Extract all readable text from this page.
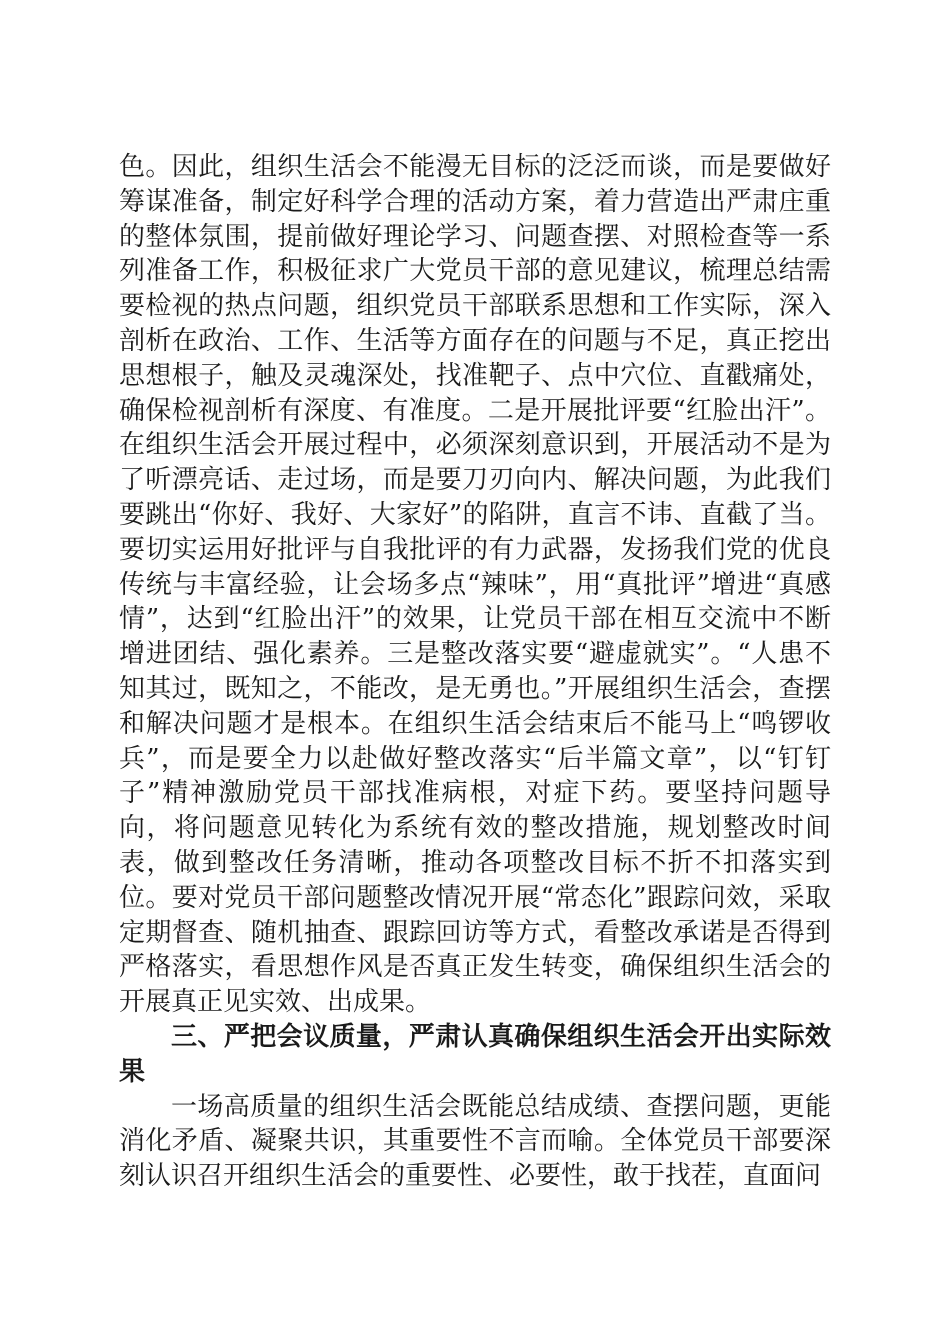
色。因此，组织生活会不能漫无目标的泛泛而谈，而是要做好筹谋准备，制定好科学合理的活动方案，着力营造出严肃庄重的整体氛围，提前做好理论学习、问题查摆、对照检查等一系列准备工作，积极征求广大党员干部的意见建议，梳理总结需要检视的热点问题，组织党员干部联系思想和工作实际，深入剖析在政治、工作、生活等方面存在的问题与不足，真正挖出思想根子，触及灵魂深处，找准靶子、点中穴位、直戳痛处，确保检视剖析有深度、有准度。二是开展批评要“红脸出汗”。在组织生活会开展过程中，必须深刻意识到，开展活动不是为了听漂亮话、走过场，而是要刀刃向内、解决问题，为此我们要跳出“你好、我好、大家好”的陷阱，直言不讳、直截了当。要切实运用好批评与自我批评的有力武器，发扬我们党的优良传统与丰富经验，让会场多点“辣味”，用“真批评”增进“真感情”，达到“红脸出汗”的效果，让党员干部在相互交流中不断增进团结、强化素养。三是整改落实要“避虚就实”。“人患不知其过，既知之，不能改，是无勇也。”开展组织生活会，查摆和解决问题才是根本。在组织生活会结束后不能马上“鸣锣收兵”，而是要全力以赴做好整改落实“后半篇文章”，以“钉钉子”精神激励党员干部找准病根，对症下药。要坚持问题导向，将问题意见转化为系统有效的整改措施，规划整改时间表，做到整改任务清晰，推动各项整改目标不折不扣落实到位。要对党员干部问题整改情况开展“常态化”跟踪问效，采取定期督查、随机抽查、跟踪回访等方式，看整改承诺是否得到严格落实，看思想作风是否真正发生转变，确保组织生活会的开展真正见实效、出成果。

三、严把会议质量，严肃认真确保组织生活会开出实际效果

一场高质量的组织生活会既能总结成绩、查摆问题，更能消化矛盾、凝聚共识，其重要性不言而喻。全体党员干部要深刻认识召开组织生活会的重要性、必要性，敢于找茬，直面问
